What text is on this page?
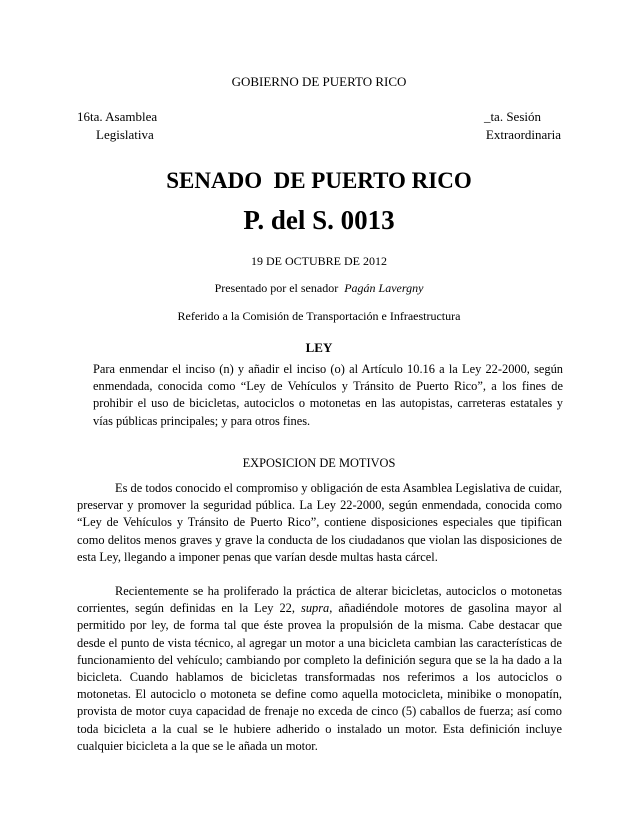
GOBIERNO DE PUERTO RICO
16ta. Asamblea
Legislativa
_ta. Sesión
Extraordinaria
SENADO  DE PUERTO RICO
P. del S. 0013
19 DE OCTUBRE DE 2012
Presentado por el senador Pagán Lavergny
Referido a la Comisión de Transportación e Infraestructura
LEY
Para enmendar el inciso (n) y añadir el inciso (o) al Artículo 10.16 a la Ley 22-2000, según enmendada, conocida como “Ley de Vehículos y Tránsito de Puerto Rico”, a los fines de prohibir el uso de bicicletas, autociclos o motonetas en las autopistas, carreteras estatales y vías públicas principales; y para otros fines.
EXPOSICION DE MOTIVOS

Es de todos conocido el compromiso y obligación de esta Asamblea Legislativa de cuidar, preservar y promover la seguridad pública. La Ley 22-2000, según enmendada, conocida como “Ley de Vehículos y Tránsito de Puerto Rico”, contiene disposiciones especiales que tipifican como delitos menos graves y grave la conducta de los ciudadanos que violan las disposiciones de esta Ley, llegando a imponer penas que varían desde multas hasta cárcel.

Recientemente se ha proliferado la práctica de alterar bicicletas, autociclos o motonetas corrientes, según definidas en la Ley 22, supra, añadiéndole motores de gasolina mayor al permitido por ley, de forma tal que éste provea la propulsión de la misma. Cabe destacar que desde el punto de vista técnico, al agregar un motor a una bicicleta cambian las características de funcionamiento del vehículo; cambiando por completo la definición segura que se la ha dado a la bicicleta. Cuando hablamos de bicicletas transformadas nos referimos a los autociclos o motonetas. El autociclo o motoneta se define como aquella motocicleta, minibike o monopatín, provista de motor cuya capacidad de frenaje no exceda de cinco (5) caballos de fuerza; así como toda bicicleta a la cual se le hubiere adherido o instalado un motor. Esta definición incluye cualquier bicicleta a la que se le añada un motor.
